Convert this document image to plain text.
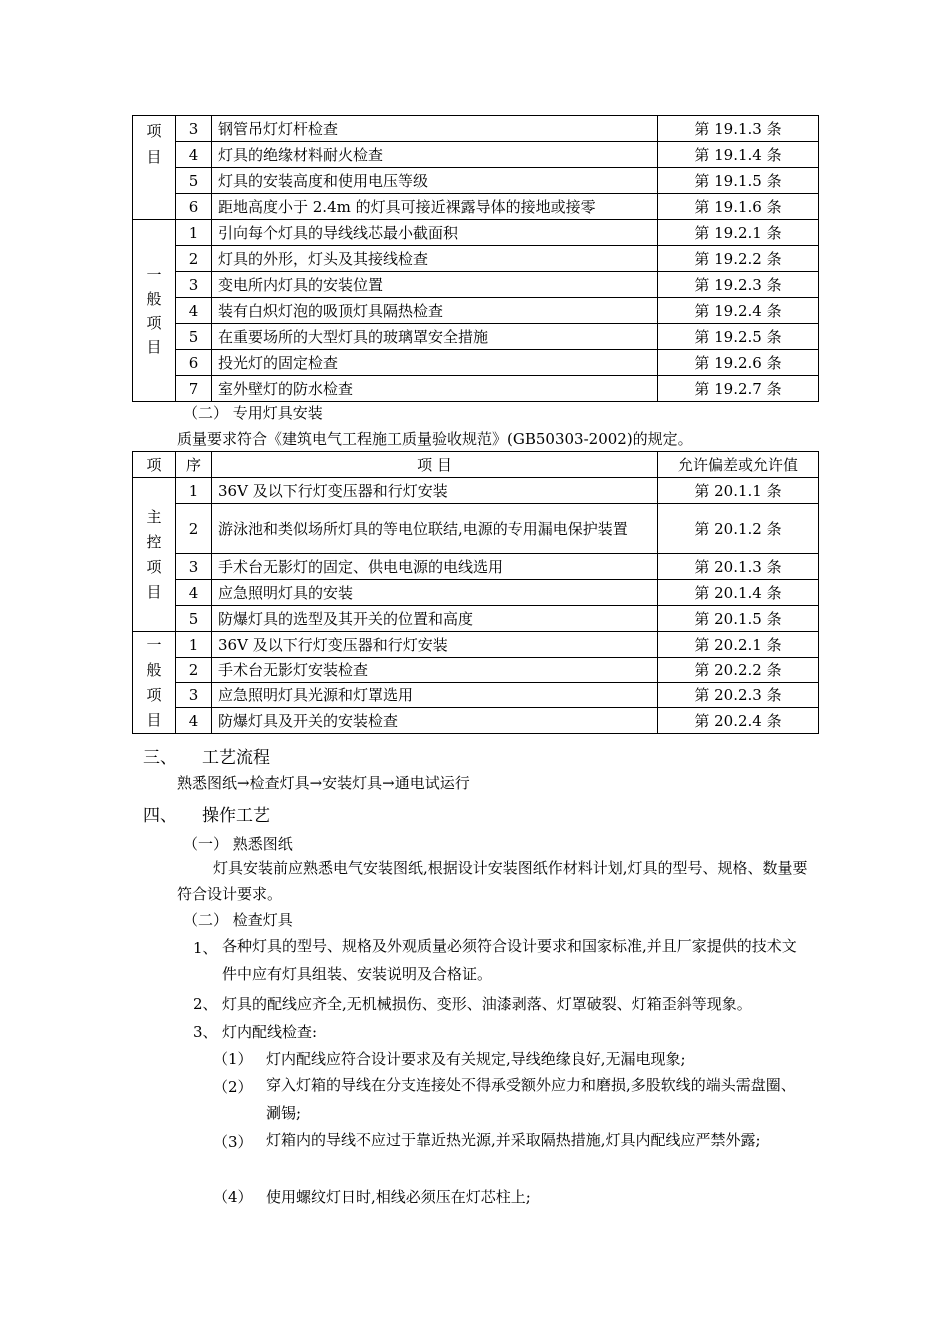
项目	3	钢管吊灯灯杆检查	第 19.1.3 条
	4	灯具的绝缘材料耐火检查	第 19.1.4 条
	5	灯具的安装高度和使用电压等级	第 19.1.5 条
	6	距地高度小于 2.4m 的灯具可接近裸露导体的接地或接零	第 19.1.6 条

一般项目	1	引向每个灯具的导线线芯最小截面积	第 19.2.1 条
	2	灯具的外形，灯头及其接线检查	第 19.2.2 条
	3	变电所内灯具的安装位置	第 19.2.3 条
	4	装有白炽灯泡的吸顶灯具隔热检查	第 19.2.4 条
	5	在重要场所的大型灯具的玻璃罩安全措施	第 19.2.5 条
	6	投光灯的固定检查	第 19.2.6 条
	7	室外壁灯的防水检查	第 19.2.7 条
（二） 专用灯具安装
质量要求符合《建筑电气工程施工质量验收规范》(GB50303-2002)的规定。
项	序	项 目	允许偏差或允许值

主控项目	1	36V 及以下行灯变压器和行灯安装	第 20.1.1 条
	2	游泳池和类似场所灯具的等电位联结,电源的专用漏电保护装置	第 20.1.2 条
	3	手术台无影灯的固定、供电电源的电线选用	第 20.1.3 条
	4	应急照明灯具的安装	第 20.1.4 条
	5	防爆灯具的选型及其开关的位置和高度	第 20.1.5 条

一般项目	1	36V 及以下行灯变压器和行灯安装	第 20.2.1 条
	2	手术台无影灯安装检查	第 20.2.2 条
	3	应急照明灯具光源和灯罩选用	第 20.2.3 条
	4	防爆灯具及开关的安装检查	第 20.2.4 条
三、 工艺流程
熟悉图纸→检查灯具→安装灯具→通电试运行
四、 操作工艺
（一） 熟悉图纸
灯具安装前应熟悉电气安装图纸,根据设计安装图纸作材料计划,灯具的型号、规格、数量要符合设计要求。
（二） 检查灯具
1、 各种灯具的型号、规格及外观质量必须符合设计要求和国家标准,并且厂家提供的技术文件中应有灯具组装、安装说明及合格证。
2、 灯具的配线应齐全,无机械损伤、变形、油漆剥落、灯罩破裂、灯箱歪斜等现象。
3、 灯内配线检查:
（1） 灯内配线应符合设计要求及有关规定,导线绝缘良好,无漏电现象;
（2） 穿入灯箱的导线在分支连接处不得承受额外应力和磨损,多股软线的端头需盘圈、涮锡;
（3） 灯箱内的导线不应过于靠近热光源,并采取隔热措施,灯具内配线应严禁外露;
（4） 使用螺纹灯日时,相线必须压在灯芯柱上;
